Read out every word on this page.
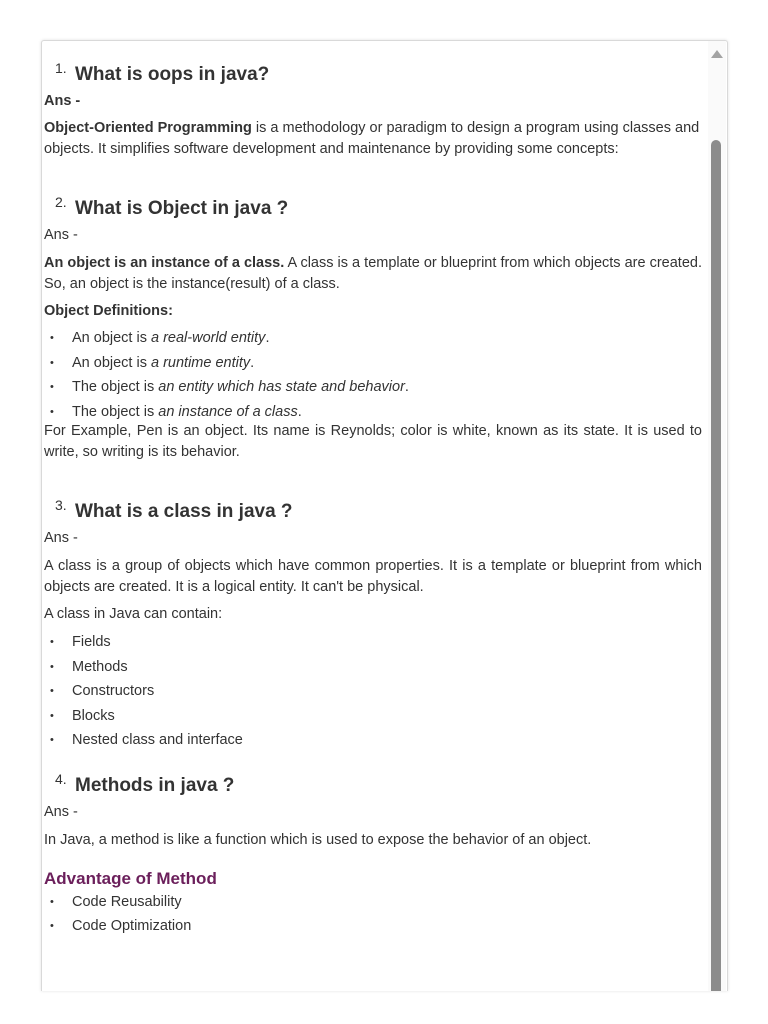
1. What is oops in java?

Ans -

Object-Oriented Programming is a methodology or paradigm to design a program using classes and objects. It simplifies software development and maintenance by providing some concepts:

2. What is Object in java ?

Ans -

An object is an instance of a class. A class is a template or blueprint from which objects are created. So, an object is the instance(result) of a class.

Object Definitions:

• An object is a real-world entity.
• An object is a runtime entity.
• The object is an entity which has state and behavior.
• The object is an instance of a class.

For Example, Pen is an object. Its name is Reynolds; color is white, known as its state. It is used to write, so writing is its behavior.

3. What is a class in java ?

Ans -

A class is a group of objects which have common properties. It is a template or blueprint from which objects are created. It is a logical entity. It can't be physical.

A class in Java can contain:

• Fields
• Methods
• Constructors
• Blocks
• Nested class and interface
4. Methods in java ?

Ans -

In Java, a method is like a function which is used to expose the behavior of an object.

Advantage of Method

• Code Reusability
• Code Optimization
